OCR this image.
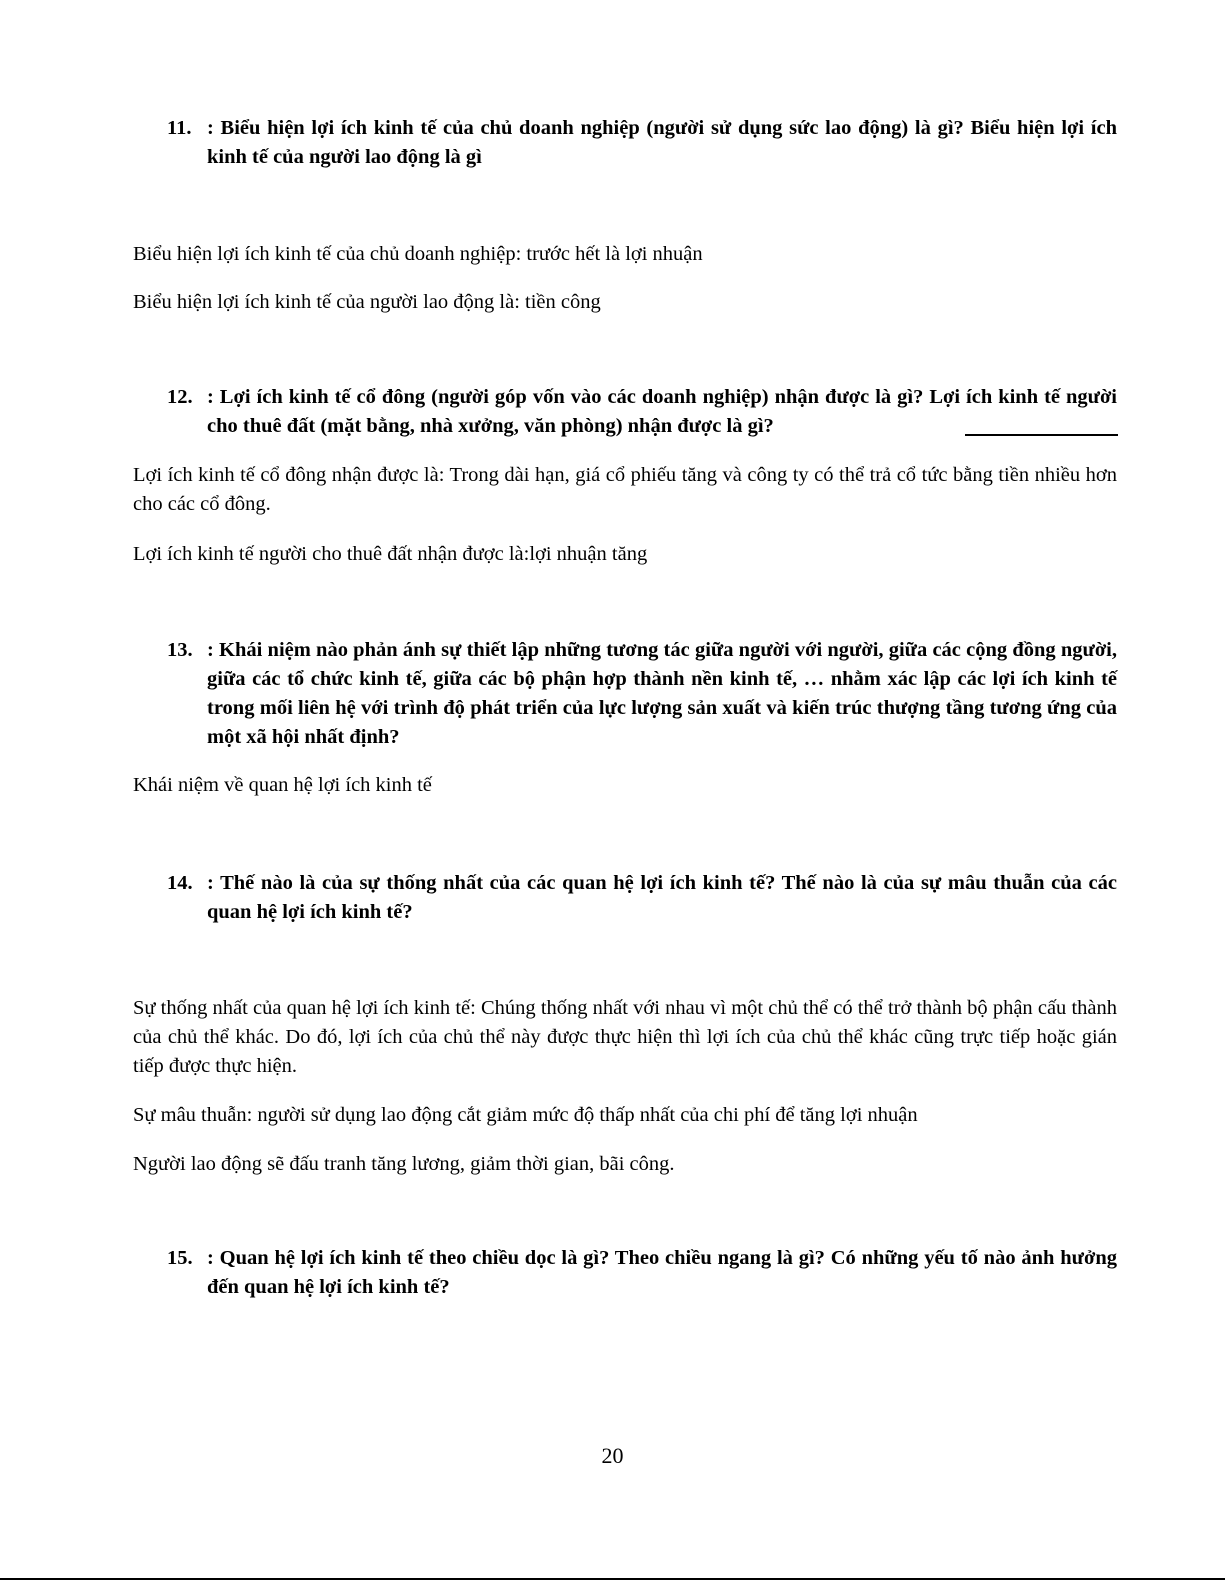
11. : Biểu hiện lợi ích kinh tế của chủ doanh nghiệp (người sử dụng sức lao động) là gì? Biểu hiện lợi ích kinh tế của người lao động là gì
Biểu hiện lợi ích kinh tế của chủ doanh nghiệp: trước hết là lợi nhuận
Biểu hiện lợi ích kinh tế của người lao động là: tiền công
12. : Lợi ích kinh tế cổ đông (người góp vốn vào các doanh nghiệp) nhận được là gì? Lợi ích kinh tế người cho thuê đất (mặt bằng, nhà xưởng, văn phòng) nhận được là gì?
Lợi ích kinh tế cổ đông nhận được là: Trong dài hạn, giá cổ phiếu tăng và công ty có thể trả cổ tức bằng tiền nhiều hơn cho các cổ đông.
Lợi ích kinh tế người cho thuê đất nhận được là:lợi nhuận tăng
13. : Khái niệm nào phản ánh sự thiết lập những tương tác giữa người với người, giữa các cộng đồng người, giữa các tổ chức kinh tế, giữa các bộ phận hợp thành nền kinh tế, … nhằm xác lập các lợi ích kinh tế trong mối liên hệ với trình độ phát triển của lực lượng sản xuất và kiến trúc thượng tầng tương ứng của một xã hội nhất định?
Khái niệm về quan hệ lợi ích kinh tế
14. : Thế nào là của sự thống nhất của các quan hệ lợi ích kinh tế? Thế nào là của sự mâu thuẫn của các quan hệ lợi ích kinh tế?
Sự thống nhất của quan hệ lợi ích kinh tế: Chúng thống nhất với nhau vì một chủ thể có thể trở thành bộ phận cấu thành của chủ thể khác. Do đó, lợi ích của chủ thể này được thực hiện thì lợi ích của chủ thể khác cũng trực tiếp hoặc gián tiếp được thực hiện.
Sự mâu thuẫn: người sử dụng lao động cắt giảm mức độ thấp nhất của chi phí để tăng lợi nhuận
Người lao động sẽ đấu tranh tăng lương, giảm thời gian, bãi công.
15. : Quan hệ lợi ích kinh tế theo chiều dọc là gì? Theo chiều ngang là gì? Có những yếu tố nào ảnh hưởng đến quan hệ lợi ích kinh tế?
20
